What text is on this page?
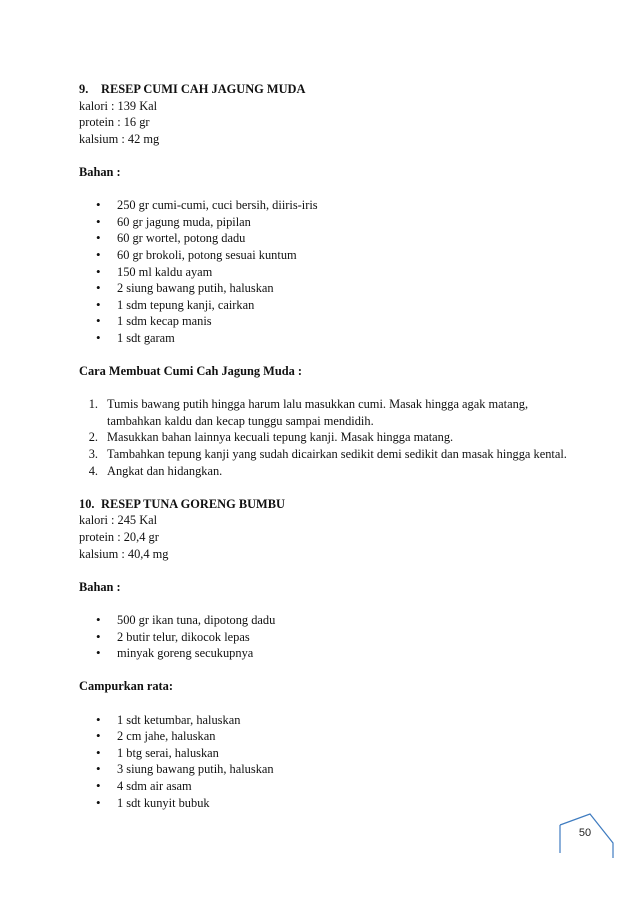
9. RESEP CUMI CAH JAGUNG MUDA

kalori : 139 Kal

protein : 16 gr

kalsium : 42 mg

Bahan :

• 250 gr cumi-cumi, cuci bersih, diiris-iris
• 60 gr jagung muda, pipilan
• 60 gr wortel, potong dadu
• 60 gr brokoli, potong sesuai kuntum
• 150 ml kaldu ayam
• 2 siung bawang putih, haluskan
• 1 sdm tepung kanji, cairkan
• 1 sdm kecap manis
• 1 sdt garam

Cara Membuat Cumi Cah Jagung Muda :

1. Tumis bawang putih hingga harum lalu masukkan cumi. Masak hingga agak matang, tambahkan kaldu dan kecap tunggu sampai mendidih.
2. Masukkan bahan lainnya kecuali tepung kanji. Masak hingga matang.
3. Tambahkan tepung kanji yang sudah dicairkan sedikit demi sedikit dan masak hingga kental.
4. Angkat dan hidangkan.

10. RESEP TUNA GORENG BUMBU

kalori : 245 Kal

protein : 20,4 gr

kalsium : 40,4 mg

Bahan :

• 500 gr ikan tuna, dipotong dadu
• 2 butir telur, dikocok lepas
• minyak goreng secukupnya

Campurkan rata:

• 1 sdt ketumbar, haluskan
• 2 cm jahe, haluskan
• 1 btg serai, haluskan
• 3 siung bawang putih, haluskan
• 4 sdm air asam
• 1 sdt kunyit bubuk
50
